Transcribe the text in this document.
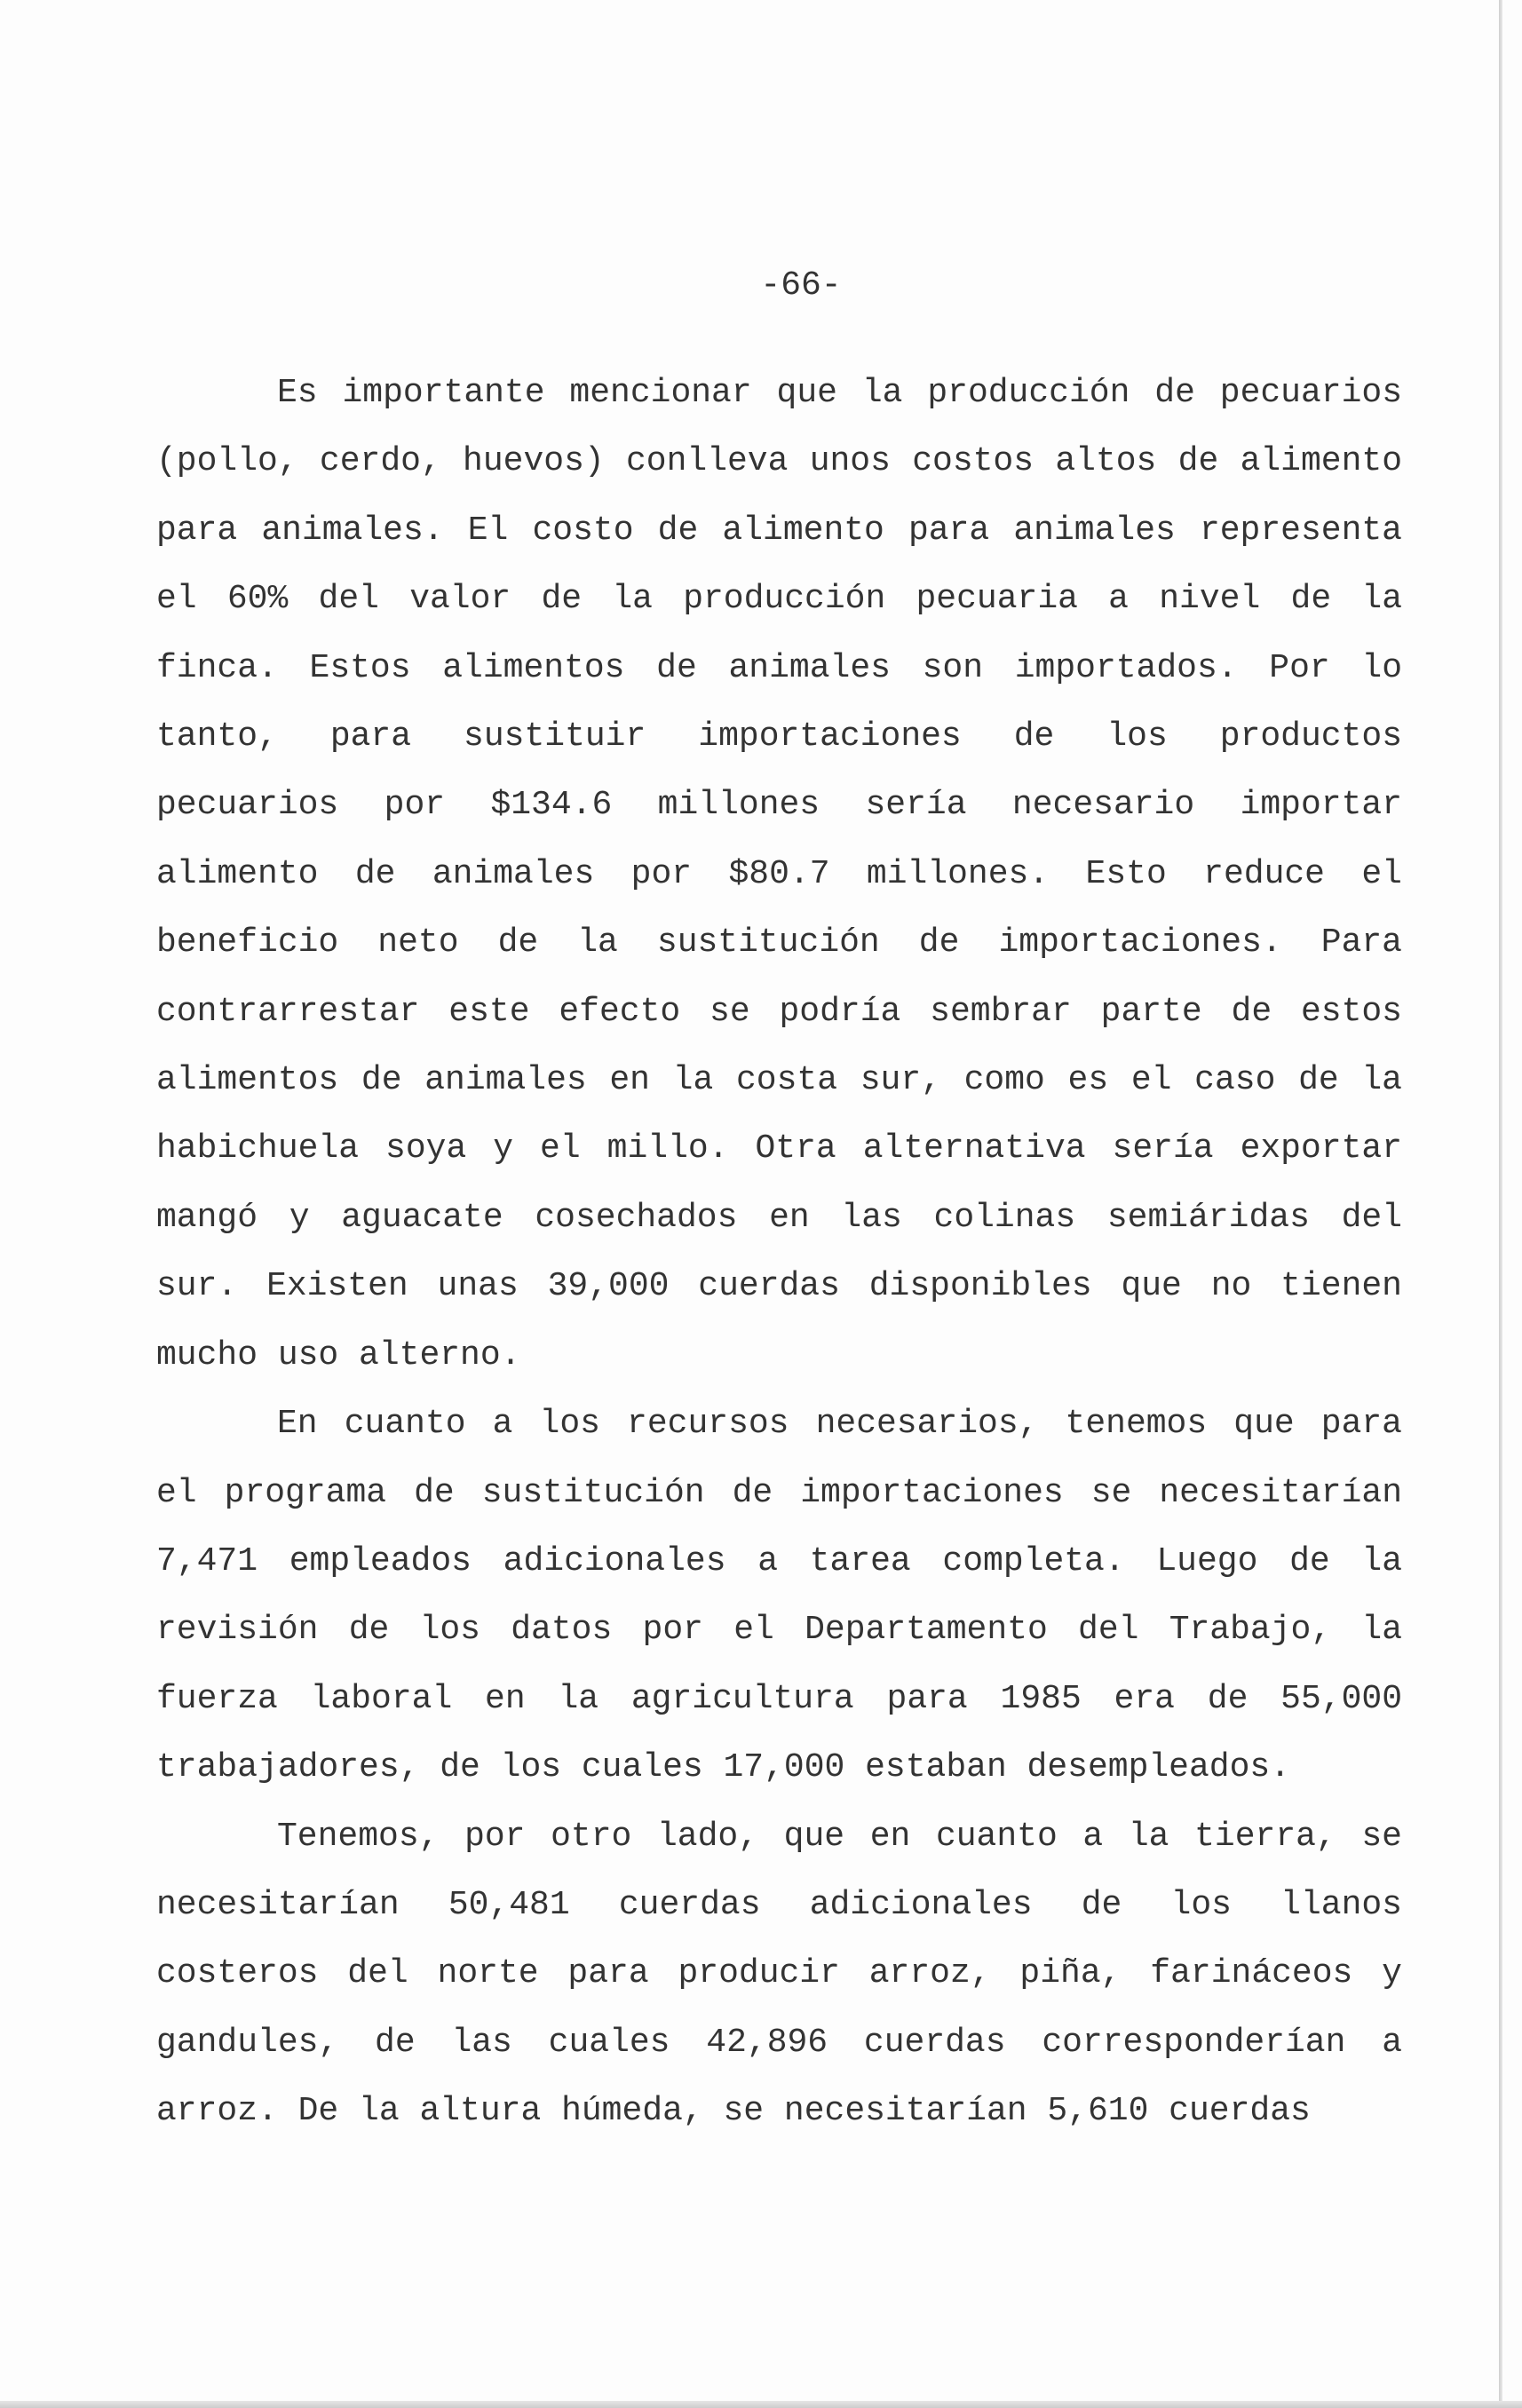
-66-

Es importante mencionar que la producción de pecuarios (pollo, cerdo, huevos) conlleva unos costos altos de alimento para animales. El costo de alimento para animales representa el 60% del valor de la producción pecuaria a nivel de la finca. Estos alimentos de animales son importados. Por lo tanto, para sustituir importaciones de los productos pecuarios por $134.6 millones sería necesario importar alimento de animales por $80.7 millones. Esto reduce el beneficio neto de la sustitución de importaciones. Para contrarrestar este efecto se podría sembrar parte de estos alimentos de animales en la costa sur, como es el caso de la habichuela soya y el millo. Otra alternativa sería exportar mangó y aguacate cosechados en las colinas semiáridas del sur. Existen unas 39,000 cuerdas disponibles que no tienen mucho uso alterno.

En cuanto a los recursos necesarios, tenemos que para el programa de sustitución de importaciones se necesitarían 7,471 empleados adicionales a tarea completa. Luego de la revisión de los datos por el Departamento del Trabajo, la fuerza laboral en la agricultura para 1985 era de 55,000 trabajadores, de los cuales 17,000 estaban desempleados.

Tenemos, por otro lado, que en cuanto a la tierra, se necesitarían 50,481 cuerdas adicionales de los llanos costeros del norte para producir arroz, piña, farináceos y gandules, de las cuales 42,896 cuerdas corresponderían a arroz. De la altura húmeda, se necesitarían 5,610 cuerdas
